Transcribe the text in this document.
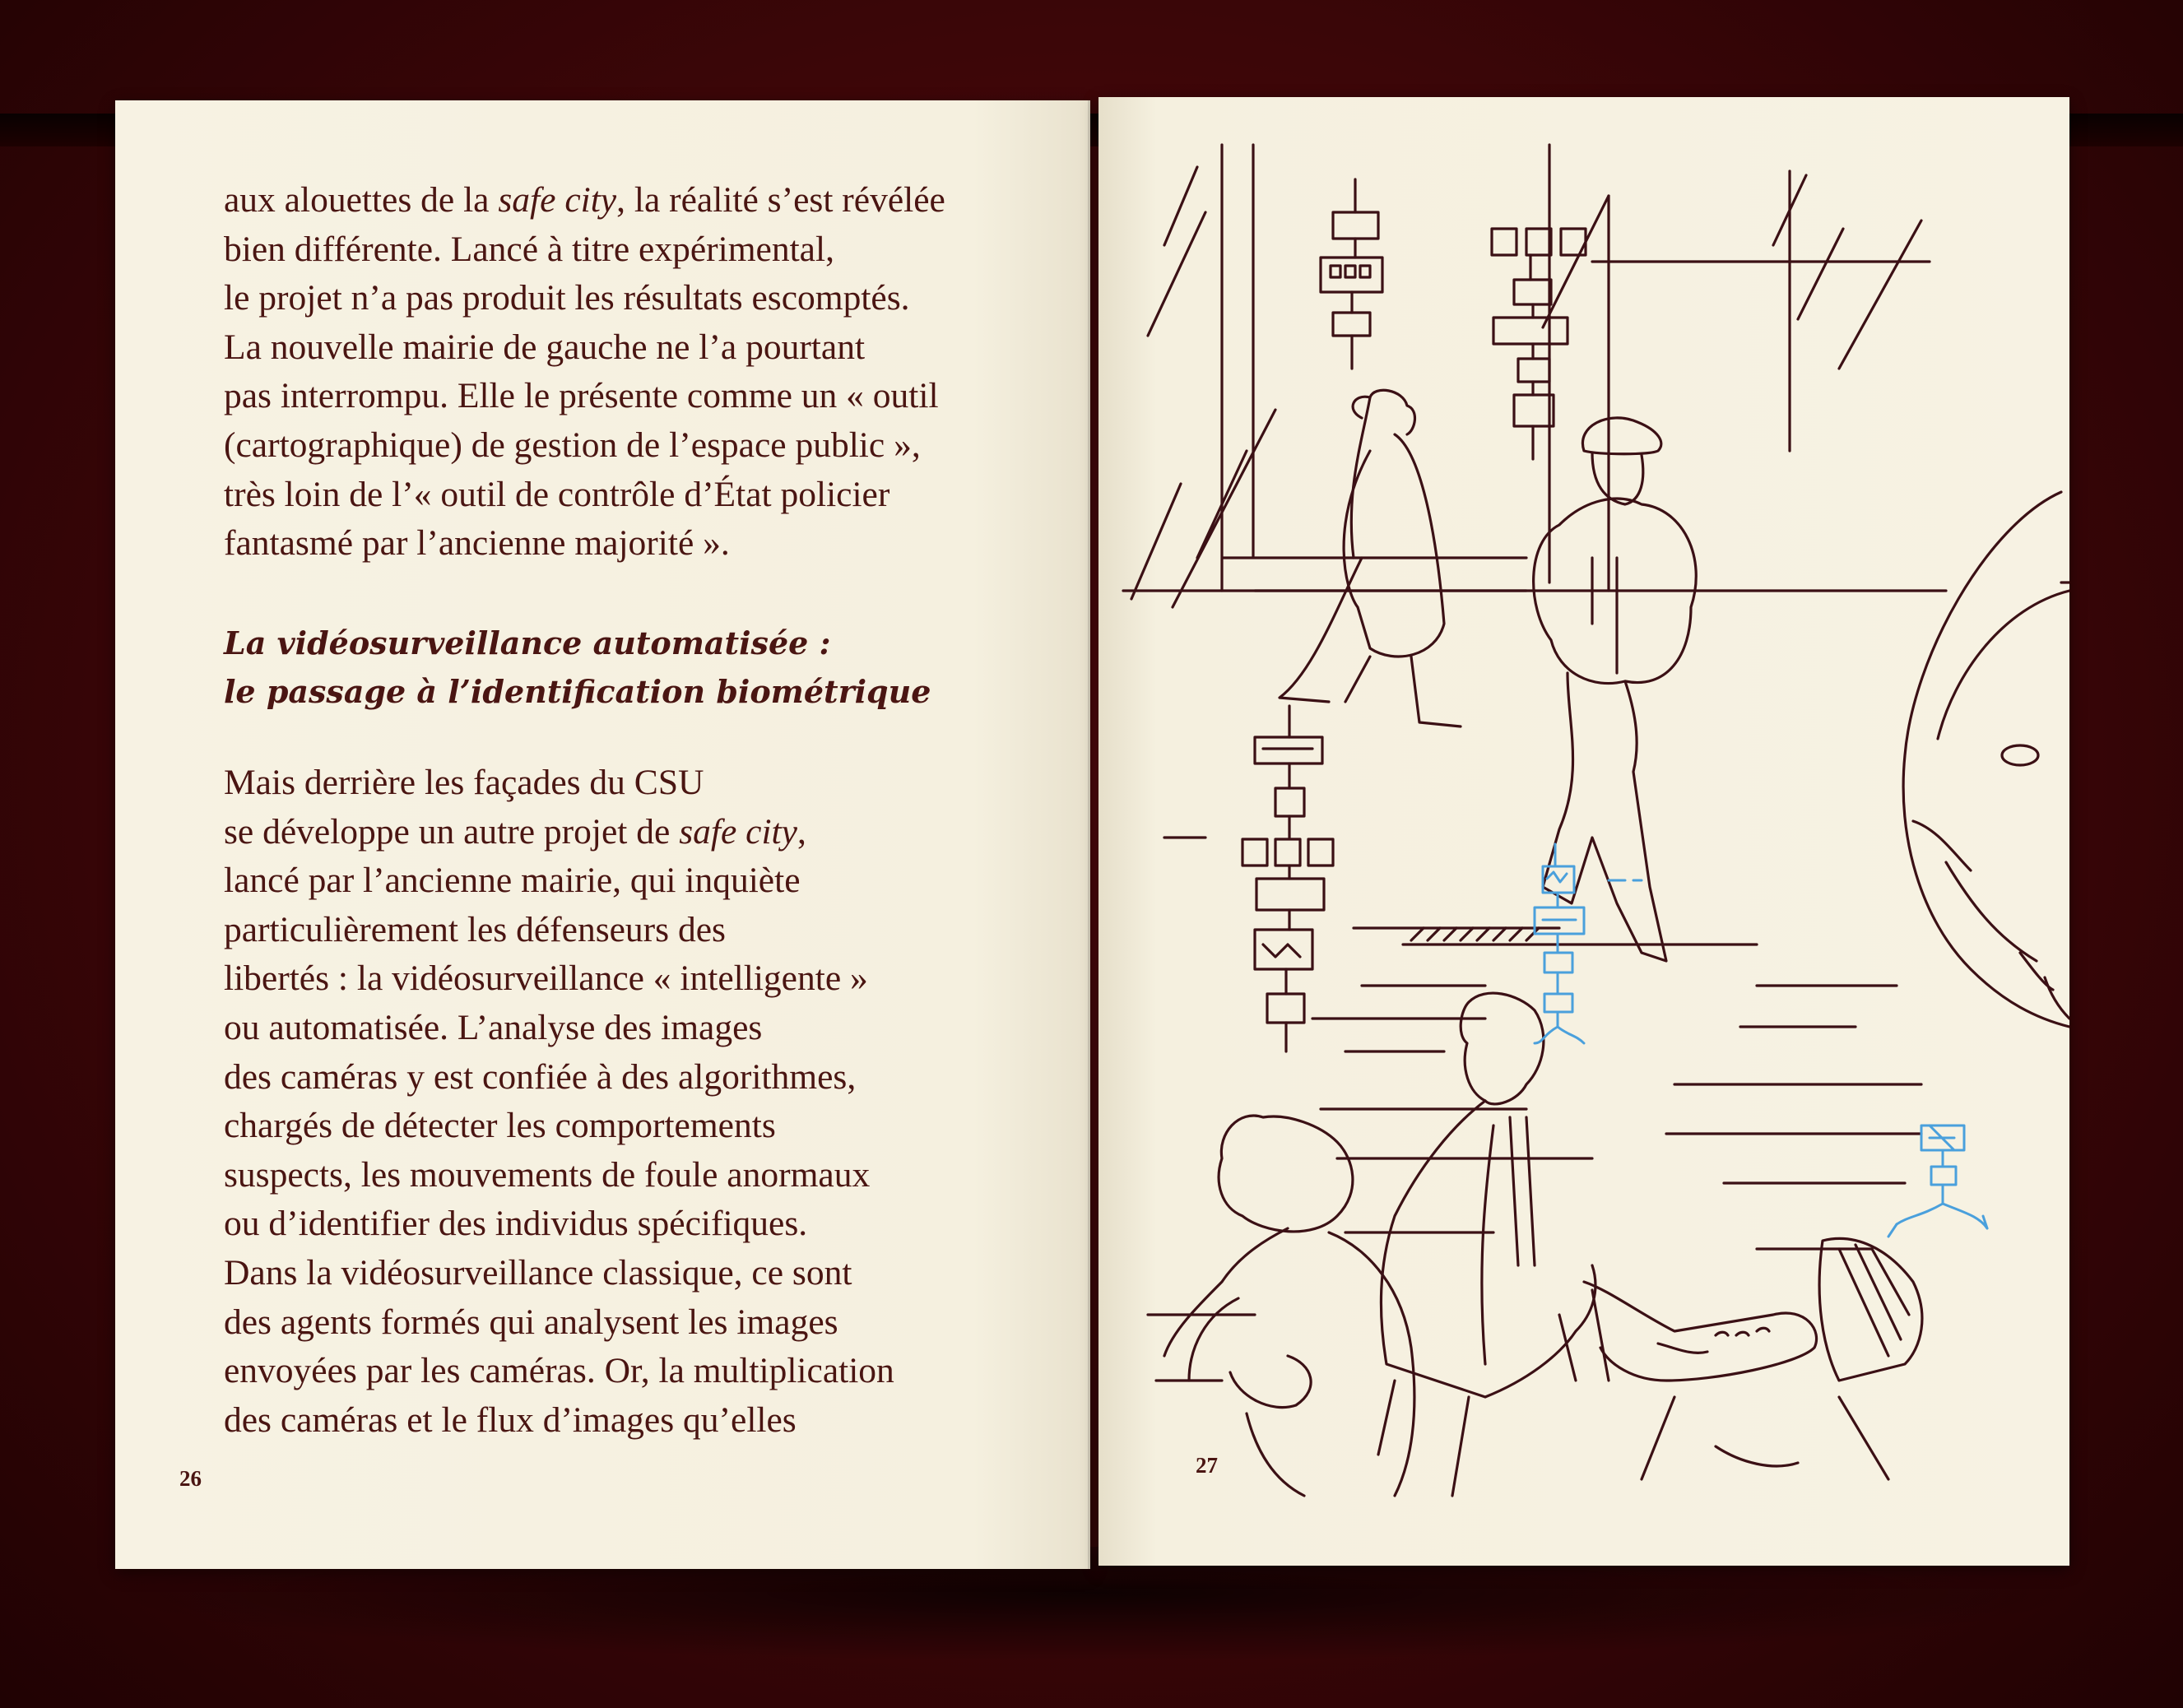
aux alouettes de la safe city, la réalité s’est révélée
bien différente. Lancé à titre expérimental,
le projet n’a pas produit les résultats escomptés.
La nouvelle mairie de gauche ne l’a pourtant
pas interrompu. Elle le présente comme un « outil
(cartographique) de gestion de l’espace public »,
très loin de l’« outil de contrôle d’État policier
fantasmé par l’ancienne majorité ».
La vidéosurveillance automatisée :
le passage à l’identification biométrique
Mais derrière les façades du CSU
se développe un autre projet de safe city,
lancé par l’ancienne mairie, qui inquiète
particulièrement les défenseurs des
libertés : la vidéosurveillance « intelligente »
ou automatisée. L’analyse des images
des caméras y est confiée à des algorithmes,
chargés de détecter les comportements
suspects, les mouvements de foule anormaux
ou d’identifier des individus spécifiques.
Dans la vidéosurveillance classique, ce sont
des agents formés qui analysent les images
envoyées par les caméras. Or, la multiplication
des caméras et le flux d’images qu’elles
26
27
